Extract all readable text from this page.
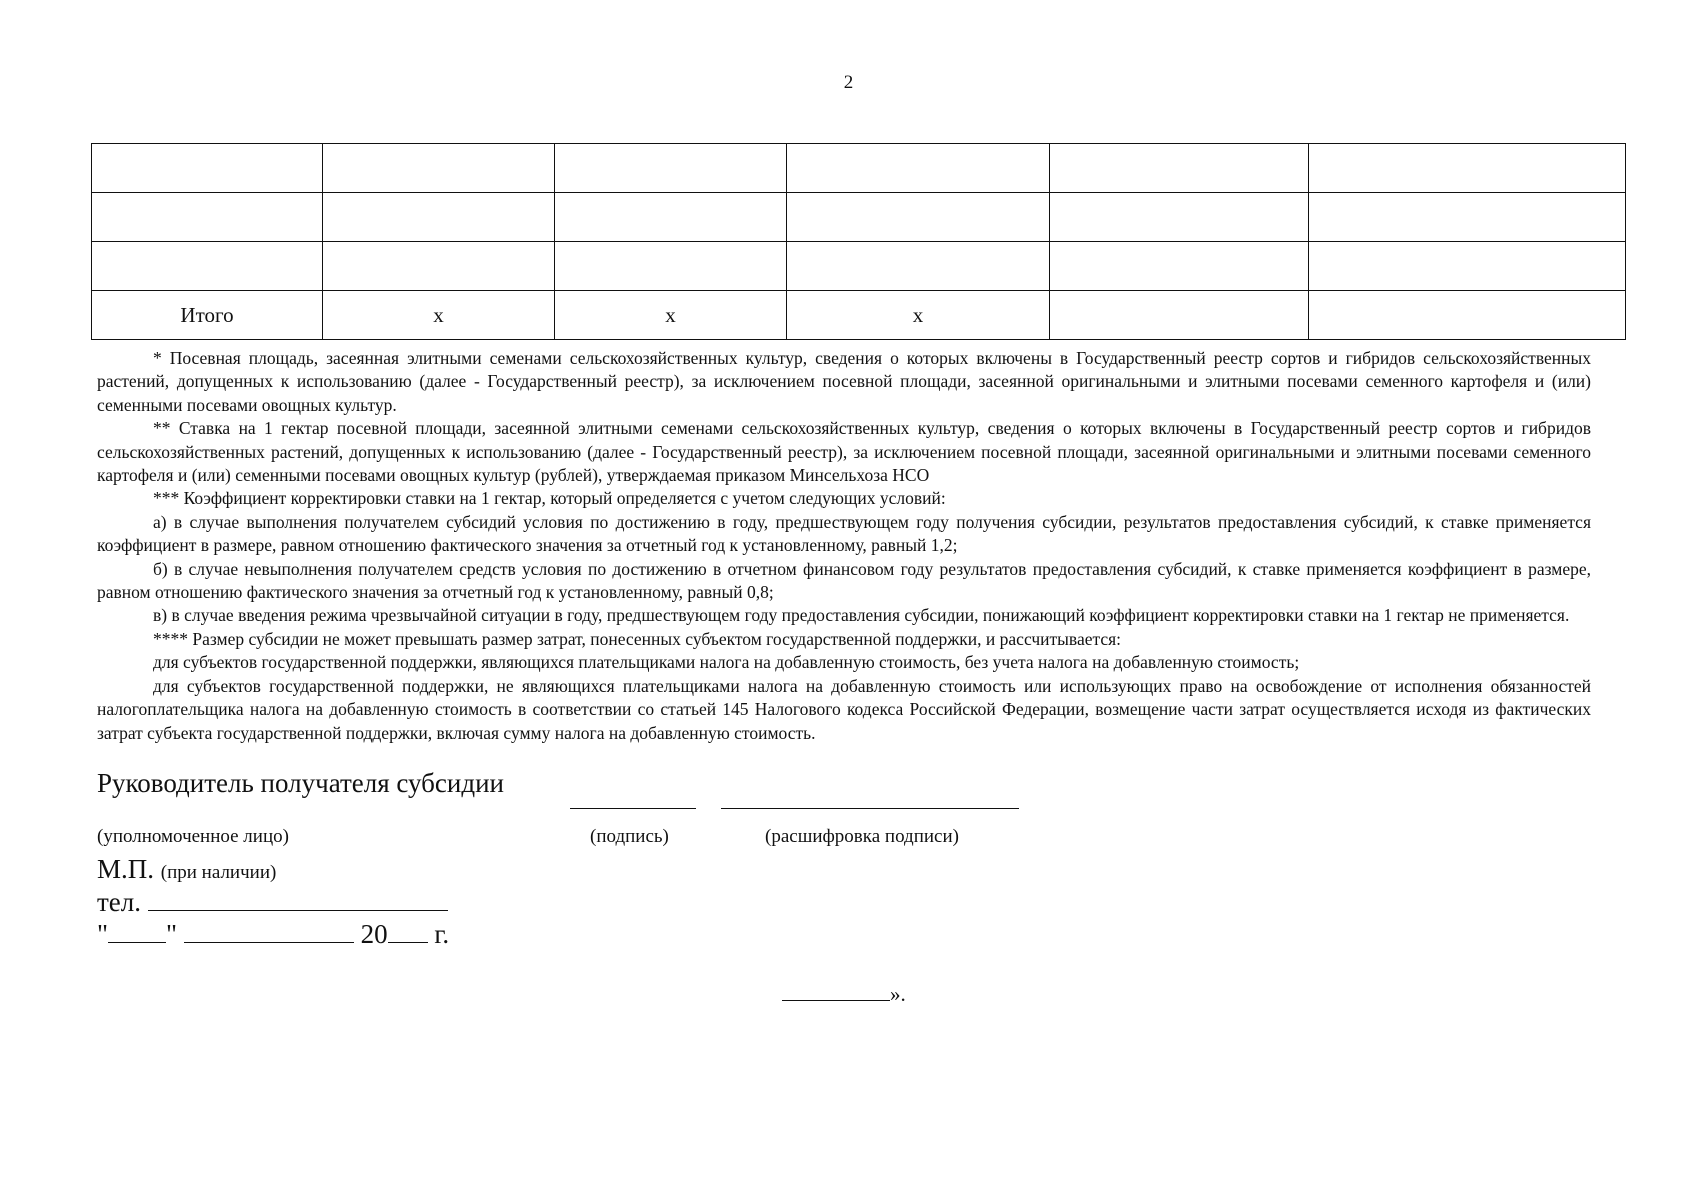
2

Итого	х	х	х		

* Посевная площадь, засеянная элитными семенами сельскохозяйственных культур, сведения о которых включены в Государственный реестр сортов и гибридов сельскохозяйственных растений, допущенных к использованию (далее - Государственный реестр), за исключением посевной площади, засеянной оригинальными и элитными посевами семенного картофеля и (или) семенными посевами овощных культур.

** Ставка на 1 гектар посевной площади, засеянной элитными семенами сельскохозяйственных культур, сведения о которых включены в Государственный реестр сортов и гибридов сельскохозяйственных растений, допущенных к использованию (далее - Государственный реестр), за исключением посевной площади, засеянной оригинальными и элитными посевами семенного картофеля и (или) семенными посевами овощных культур (рублей), утверждаемая приказом Минсельхоза НСО

*** Коэффициент корректировки ставки на 1 гектар, который определяется с учетом следующих условий:

а) в случае выполнения получателем субсидий условия по достижению в году, предшествующем году получения субсидии, результатов предоставления субсидий, к ставке применяется коэффициент в размере, равном отношению фактического значения за отчетный год к установленному, равный 1,2;

б) в случае невыполнения получателем средств условия по достижению в отчетном финансовом году результатов предоставления субсидий, к ставке применяется коэффициент в размере, равном отношению фактического значения за отчетный год к установленному, равный 0,8;

в) в случае введения режима чрезвычайной ситуации в году, предшествующем году предоставления субсидии, понижающий коэффициент корректировки ставки на 1 гектар не применяется.

**** Размер субсидии не может превышать размер затрат, понесенных субъектом государственной поддержки, и рассчитывается:

для субъектов государственной поддержки, являющихся плательщиками налога на добавленную стоимость, без учета налога на добавленную стоимость;

для субъектов государственной поддержки, не являющихся плательщиками налога на добавленную стоимость или использующих право на освобождение от исполнения обязанностей налогоплательщика налога на добавленную стоимость в соответствии со статьей 145 Налогового кодекса Российской Федерации, возмещение части затрат осуществляется исходя из фактических затрат субъекта государственной поддержки, включая сумму налога на добавленную стоимость.

Руководитель получателя субсидии
(уполномоченное лицо)	(подпись)	(расшифровка подписи)
М.П. (при наличии)
тел.
" "	20 г.
».
